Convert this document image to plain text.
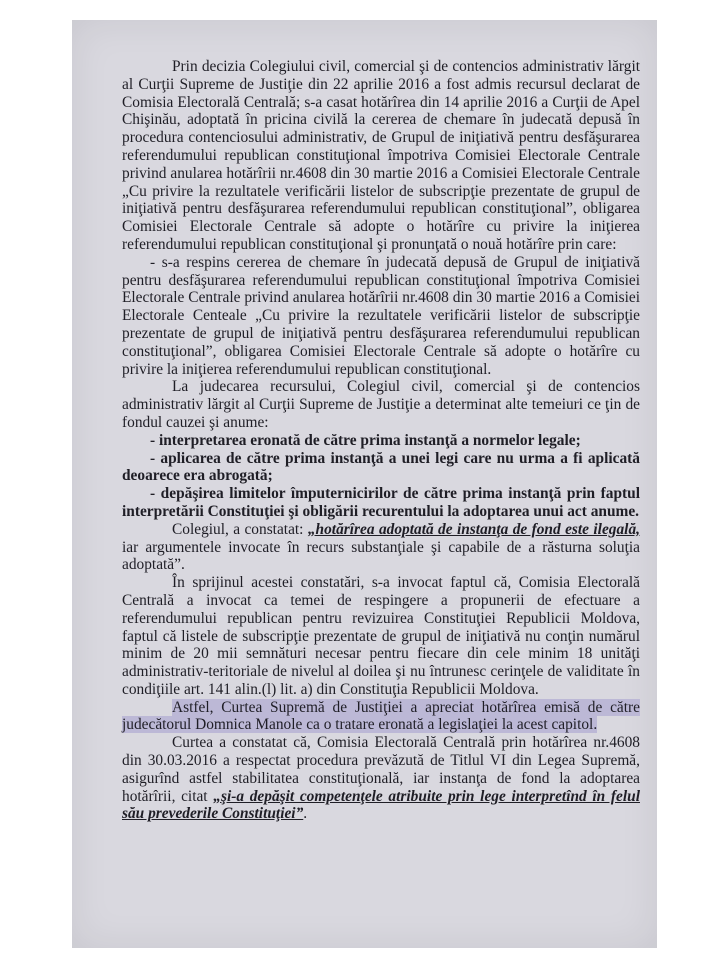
Prin decizia Colegiului civil, comercial şi de contencios administrativ lărgit al Curţii Supreme de Justiţie din 22 aprilie 2016 a fost admis recursul declarat de Comisia Electorală Centrală; s-a casat hotărîrea din 14 aprilie 2016 a Curţii de Apel Chişinău, adoptată în pricina civilă la cererea de chemare în judecată depusă în procedura contenciosului administrativ, de Grupul de iniţiativă pentru desfăşurarea referendumului republican constituţional împotriva Comisiei Electorale Centrale privind anularea hotărîrii nr.4608 din 30 martie 2016 a Comisiei Electorale Centrale „Cu privire la rezultatele verificării listelor de subscripţie prezentate de grupul de iniţiativă pentru desfăşurarea referendumului republican constituţional”, obligarea Comisiei Electorale Centrale să adopte o hotărîre cu privire la iniţierea referendumului republican constituţional şi pronunţată o nouă hotărîre prin care:

- s-a respins cererea de chemare în judecată depusă de Grupul de iniţiativă pentru desfăşurarea referendumului republican constituţional împotriva Comisiei Electorale Centrale privind anularea hotărîrii nr.4608 din 30 martie 2016 a Comisiei Electorale Centeale „Cu privire la rezultatele verificării listelor de subscripţie prezentate de grupul de iniţiativă pentru desfăşurarea referendumului republican constituţional”, obligarea Comisiei Electorale Centrale să adopte o hotărîre cu privire la iniţierea referendumului republican constituţional.

La judecarea recursului, Colegiul civil, comercial şi de contencios administrativ lărgit al Curţii Supreme de Justiţie a determinat alte temeiuri ce ţin de fondul cauzei şi anume:

- interpretarea eronată de către prima instanţă a normelor legale;

- aplicarea de către prima instanţă a unei legi care nu urma a fi aplicată deoarece era abrogată;

- depăşirea limitelor împuternicirilor de către prima instanţă prin faptul interpretării Constituţiei şi obligării recurentului la adoptarea unui act anume.

Colegiul, a constatat: „hotărîrea adoptată de instanţa de fond este ilegală, iar argumentele invocate în recurs substanţiale şi capabile de a răsturna soluţia adoptată”.

În sprijinul acestei constatări, s-a invocat faptul că, Comisia Electorală Centrală a invocat ca temei de respingere a propunerii de efectuare a referendumului republican pentru revizuirea Constituţiei Republicii Moldova, faptul că listele de subscripţie prezentate de grupul de iniţiativă nu conţin numărul minim de 20 mii semnături necesar pentru fiecare din cele minim 18 unităţi administrativ-teritoriale de nivelul al doilea şi nu întrunesc cerinţele de validitate în condiţiile art. 141 alin.(l) lit. a) din Constituţia Republicii Moldova.

Astfel, Curtea Supremă de Justiţiei a apreciat hotărîrea emisă de către judecătorul Domnica Manole ca o tratare eronată a legislaţiei la acest capitol.

Curtea a constatat că, Comisia Electorală Centrală prin hotărîrea nr.4608 din 30.03.2016 a respectat procedura prevăzută de Titlul VI din Legea Supremă, asigurînd astfel stabilitatea constituţională, iar instanţa de fond la adoptarea hotărîrii, citat „şi-a depăşit competenţele atribuite prin lege interpretînd în felul său prevederile Constituţiei”.
